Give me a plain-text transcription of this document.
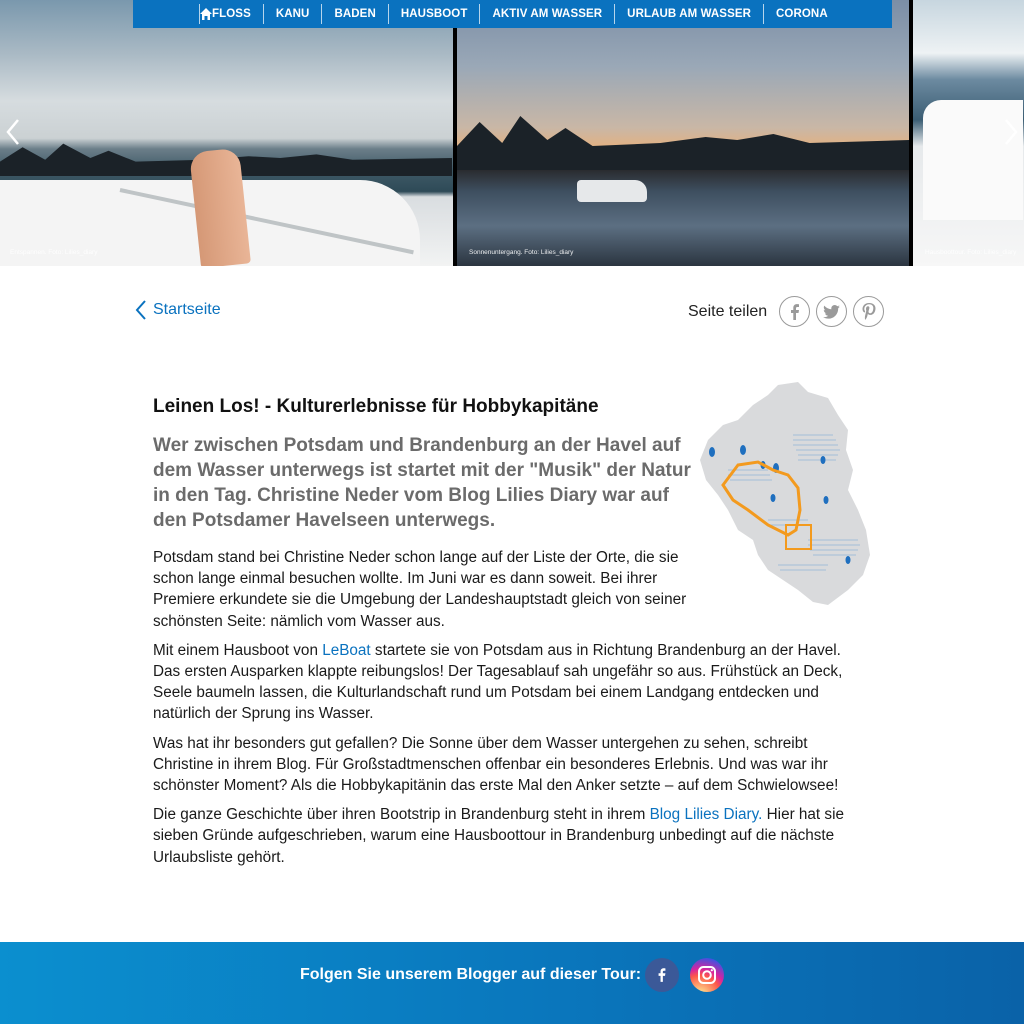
Entspannen. Foto: Lilies_diary	Sonnenuntergang. Foto: Lilies_diary	Hausboottour. Foto: Lilies_diary
FLOSS KANU BADEN HAUSBOOT AKTIV AM WASSER URLAUB AM WASSER CORONA
Startseite	Seite teilen
Leinen Los! - Kulturerlebnisse für Hobbykapitäne

Wer zwischen Potsdam und Brandenburg an der Havel auf dem Wasser unterwegs ist startet mit der "Musik" der Natur in den Tag. Christine Neder vom Blog Lilies Diary war auf den Potsdamer Havelseen unterwegs.

Potsdam stand bei Christine Neder schon lange auf der Liste der Orte, die sie schon lange einmal besuchen wollte. Im Juni war es dann soweit. Bei ihrer Premiere erkundete sie die Umgebung der Landeshauptstadt gleich von seiner schönsten Seite: nämlich vom Wasser aus.

Mit einem Hausboot von LeBoat startete sie von Potsdam aus in Richtung Brandenburg an der Havel. Das ersten Ausparken klappte reibungslos! Der Tagesablauf sah ungefähr so aus. Frühstück an Deck, Seele baumeln lassen, die Kulturlandschaft rund um Potsdam bei einem Landgang entdecken und natürlich der Sprung ins Wasser.

Was hat ihr besonders gut gefallen? Die Sonne über dem Wasser untergehen zu sehen, schreibt Christine in ihrem Blog. Für Großstadtmenschen offenbar ein besonderes Erlebnis. Und was war ihr schönster Moment? Als die Hobbykapitänin das erste Mal den Anker setzte – auf dem Schwielowsee!

Die ganze Geschichte über ihren Bootstrip in Brandenburg steht in ihrem Blog Lilies Diary. Hier hat sie sieben Gründe aufgeschrieben, warum eine Hausboottour in Brandenburg unbedingt auf die nächste Urlaubsliste gehört.

Folgen Sie unserem Blogger auf dieser Tour:
